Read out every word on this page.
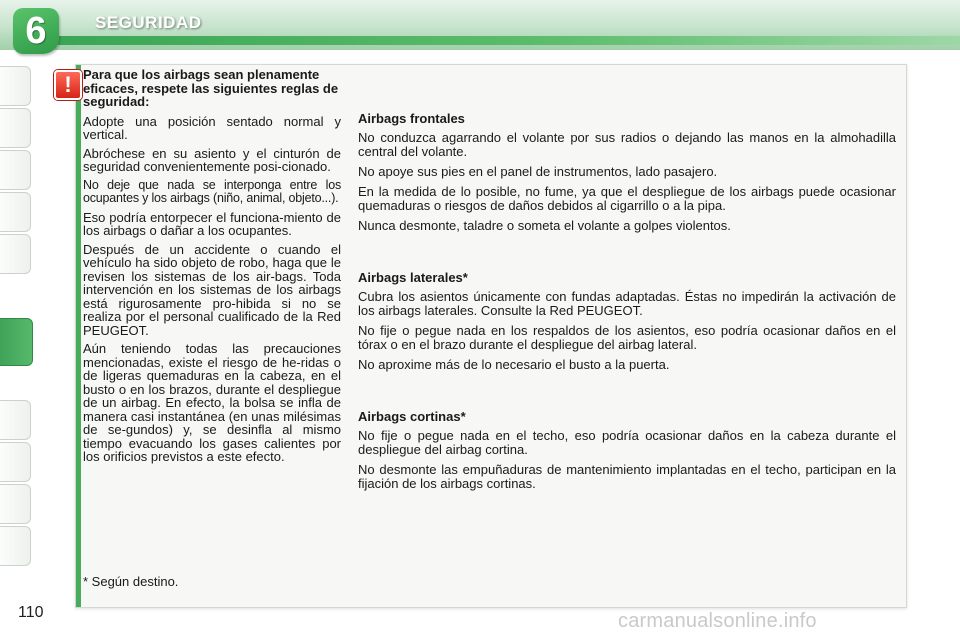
6	SEGURIDAD
! Para que los airbags sean plenamente eficaces, respete las siguientes reglas de seguridad:

Adopte una posición sentado normal y vertical.

Abróchese en su asiento y el cinturón de seguridad convenientemente posi-cionado.

No deje que nada se interponga entre los ocupantes y los airbags (niño, animal, objeto...).

Eso podría entorpecer el funciona-miento de los airbags o dañar a los ocupantes.

Después de un accidente o cuando el vehículo ha sido objeto de robo, haga que le revisen los sistemas de los air-bags. Toda intervención en los sistemas de los airbags está rigurosamente pro-hibida si no se realiza por el personal cualificado de la Red PEUGEOT.

Aún teniendo todas las precauciones mencionadas, existe el riesgo de he-ridas o de ligeras quemaduras en la cabeza, en el busto o en los brazos, durante el despliegue de un airbag. En efecto, la bolsa se infla de manera casi instantánea (en unas milésimas de se-gundos) y, se desinfla al mismo tiempo evacuando los gases calientes por los orificios previstos a este efecto.

* Según destino.
Airbags frontales

No conduzca agarrando el volante por sus radios o dejando las manos en la almohadilla central del volante.

No apoye sus pies en el panel de instrumentos, lado pasajero.

En la medida de lo posible, no fume, ya que el despliegue de los airbags puede ocasionar quemaduras o riesgos de daños debidos al cigarrillo o a la pipa.

Nunca desmonte, taladre o someta el volante a golpes violentos.

Airbags laterales*

Cubra los asientos únicamente con fundas adaptadas. Éstas no impedirán la activación de los airbags laterales. Consulte la Red PEUGEOT.

No fije o pegue nada en los respaldos de los asientos, eso podría ocasionar daños en el tórax o en el brazo durante el despliegue del airbag lateral.

No aproxime más de lo necesario el busto a la puerta.

Airbags cortinas*

No fije o pegue nada en el techo, eso podría ocasionar daños en la cabeza durante el despliegue del airbag cortina.

No desmonte las empuñaduras de mantenimiento implantadas en el techo, participan en la fijación de los airbags cortinas.

110	carmanualsonline.info
